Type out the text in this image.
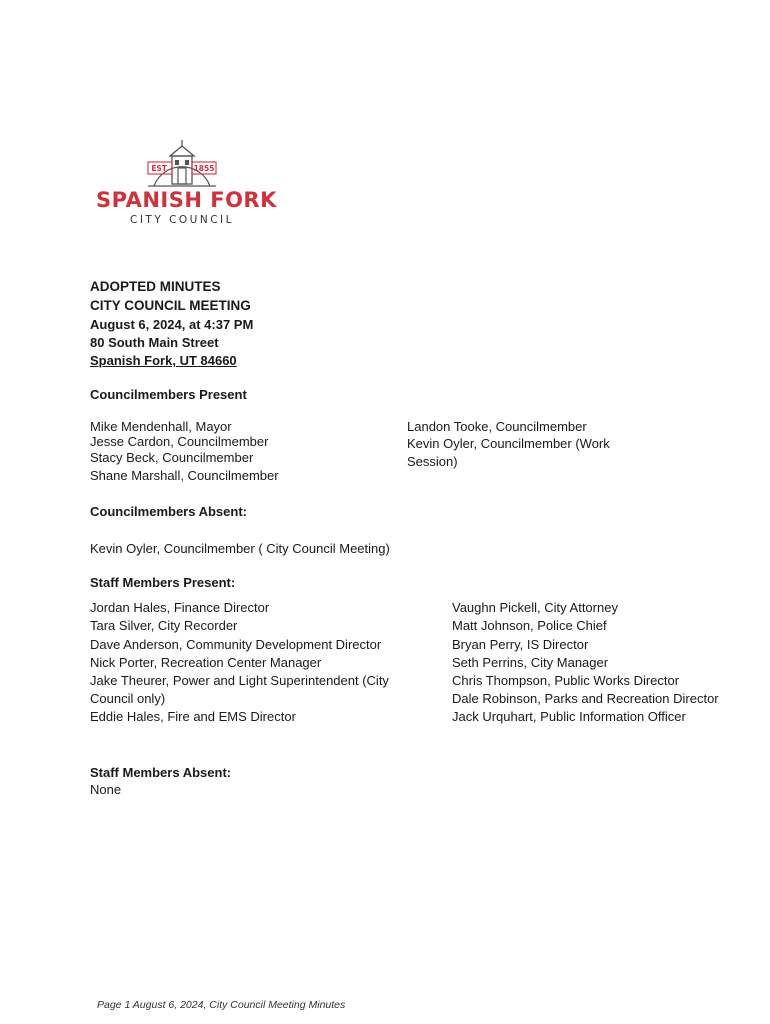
EST.	1855
SPANISH FORK
CITY COUNCIL
ADOPTED MINUTES
CITY COUNCIL MEETING
August 6, 2024, at 4:37 PM
80 South Main Street
Spanish Fork, UT 84660
Councilmembers Present
Mike Mendenhall, Mayor
Jesse Cardon, Councilmember
Stacy Beck, Councilmember
Shane Marshall, Councilmember
Landon Tooke, Councilmember
Kevin Oyler, Councilmember (Work Session)
Councilmembers Absent:
Kevin Oyler, Councilmember ( City Council Meeting)
Staff Members Present:
Jordan Hales, Finance Director
Tara Silver, City Recorder
Dave Anderson, Community Development Director
Nick Porter, Recreation Center Manager
Jake Theurer, Power and Light Superintendent (City Council only)
Eddie Hales, Fire and EMS Director
Vaughn Pickell, City Attorney
Matt Johnson, Police Chief
Bryan Perry, IS Director
Seth Perrins, City Manager
Chris Thompson, Public Works Director
Dale Robinson, Parks and Recreation Director
Jack Urquhart, Public Information Officer
Staff Members Absent:
None
Page 1 August 6, 2024, City Council Meeting Minutes
